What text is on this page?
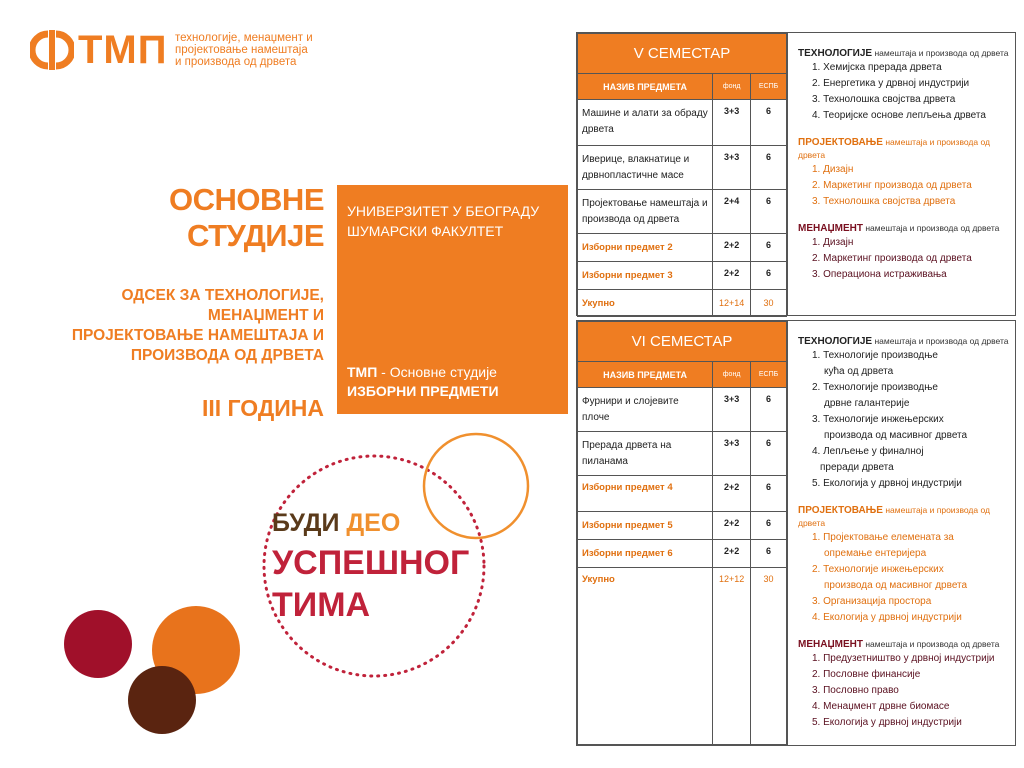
ТМП технологије, менаџмент и
пројектовање намештаја
и производа од дрвета
ОСНОВНЕ
СТУДИЈЕ
ОДСЕК ЗА ТЕХНОЛОГИЈЕ,
МЕНАЏМЕНТ И
ПРОЈЕКТОВАЊЕ НАМЕШТАЈА И
ПРОИЗВОДА ОД ДРВЕТА
III ГОДИНА
УНИВЕРЗИТЕТ У БЕОГРАДУ
ШУМАРСКИ ФАКУЛТЕТ
ТМП - Основне студије
ИЗБОРНИ ПРЕДМЕТИ
БУДИ ДЕО
УСПЕШНОГ
ТИМА
V СЕМЕСТАР		
НАЗИВ ПРЕДМЕТА	фонд	ЕСПБ
Машине и алати за обраду дрвета	3+3	6
Иверице, влакнатице и дрвнопластичне масе	3+3	6
Пројектовање намештаја и производа од дрвета	2+4	6
Изборни предмет 2	2+2	6
Изборни предмет 3	2+2	6
Укупно	12+14	30
ТЕХНОЛОГИЈЕ намештаја и производа од дрвета
1. Хемијска прерада дрвета
2. Енергетика у дрвној индустрији
3. Технолошка својства дрвета
4. Теоријске основе лепљења дрвета
ПРОЈЕКТОВАЊЕ намештаја и производа од дрвета
1. Дизајн
2. Маркетинг производа од дрвета
3. Технолошка својства дрвета
МЕНАЏМЕНТ намештаја и производа од дрвета
1. Дизајн
2. Маркетинг производа од дрвета
3. Операциона истраживања
VI СЕМЕСТАР		
НАЗИВ ПРЕДМЕТА	фонд	ЕСПБ
Фурнири и слојевите плоче	3+3	6
Прерада дрвета на пиланама	3+3	6
Изборни предмет 4	2+2	6
Изборни предмет 5	2+2	6
Изборни предмет 6	2+2	6
Укупно	12+12	30
ТЕХНОЛОГИЈЕ намештаја и производа од дрвета
1. Технологије производње
куħа од дрвета
2. Технологије производње
дрвне галантерије
3. Технологије инжењерских
производа од масивног дрвета
4. Лепљење у финалној
преради дрвета
5. Екологија у дрвној индустрији
ПРОЈЕКТОВАЊЕ намештаја и производа од дрвета
1. Пројектовање елемената за
опремање ентеријера
2. Технологије инжењерских
производа од масивног дрвета
3. Организација простора
4. Екологија у дрвној индустрији
МЕНАЏМЕНТ намештаја и производа од дрвета
1. Предузетништво у дрвној индустрији
2. Пословне финансије
3. Пословно право
4. Менаџмент дрвне биомасе
5. Екологија у дрвној индустрији
